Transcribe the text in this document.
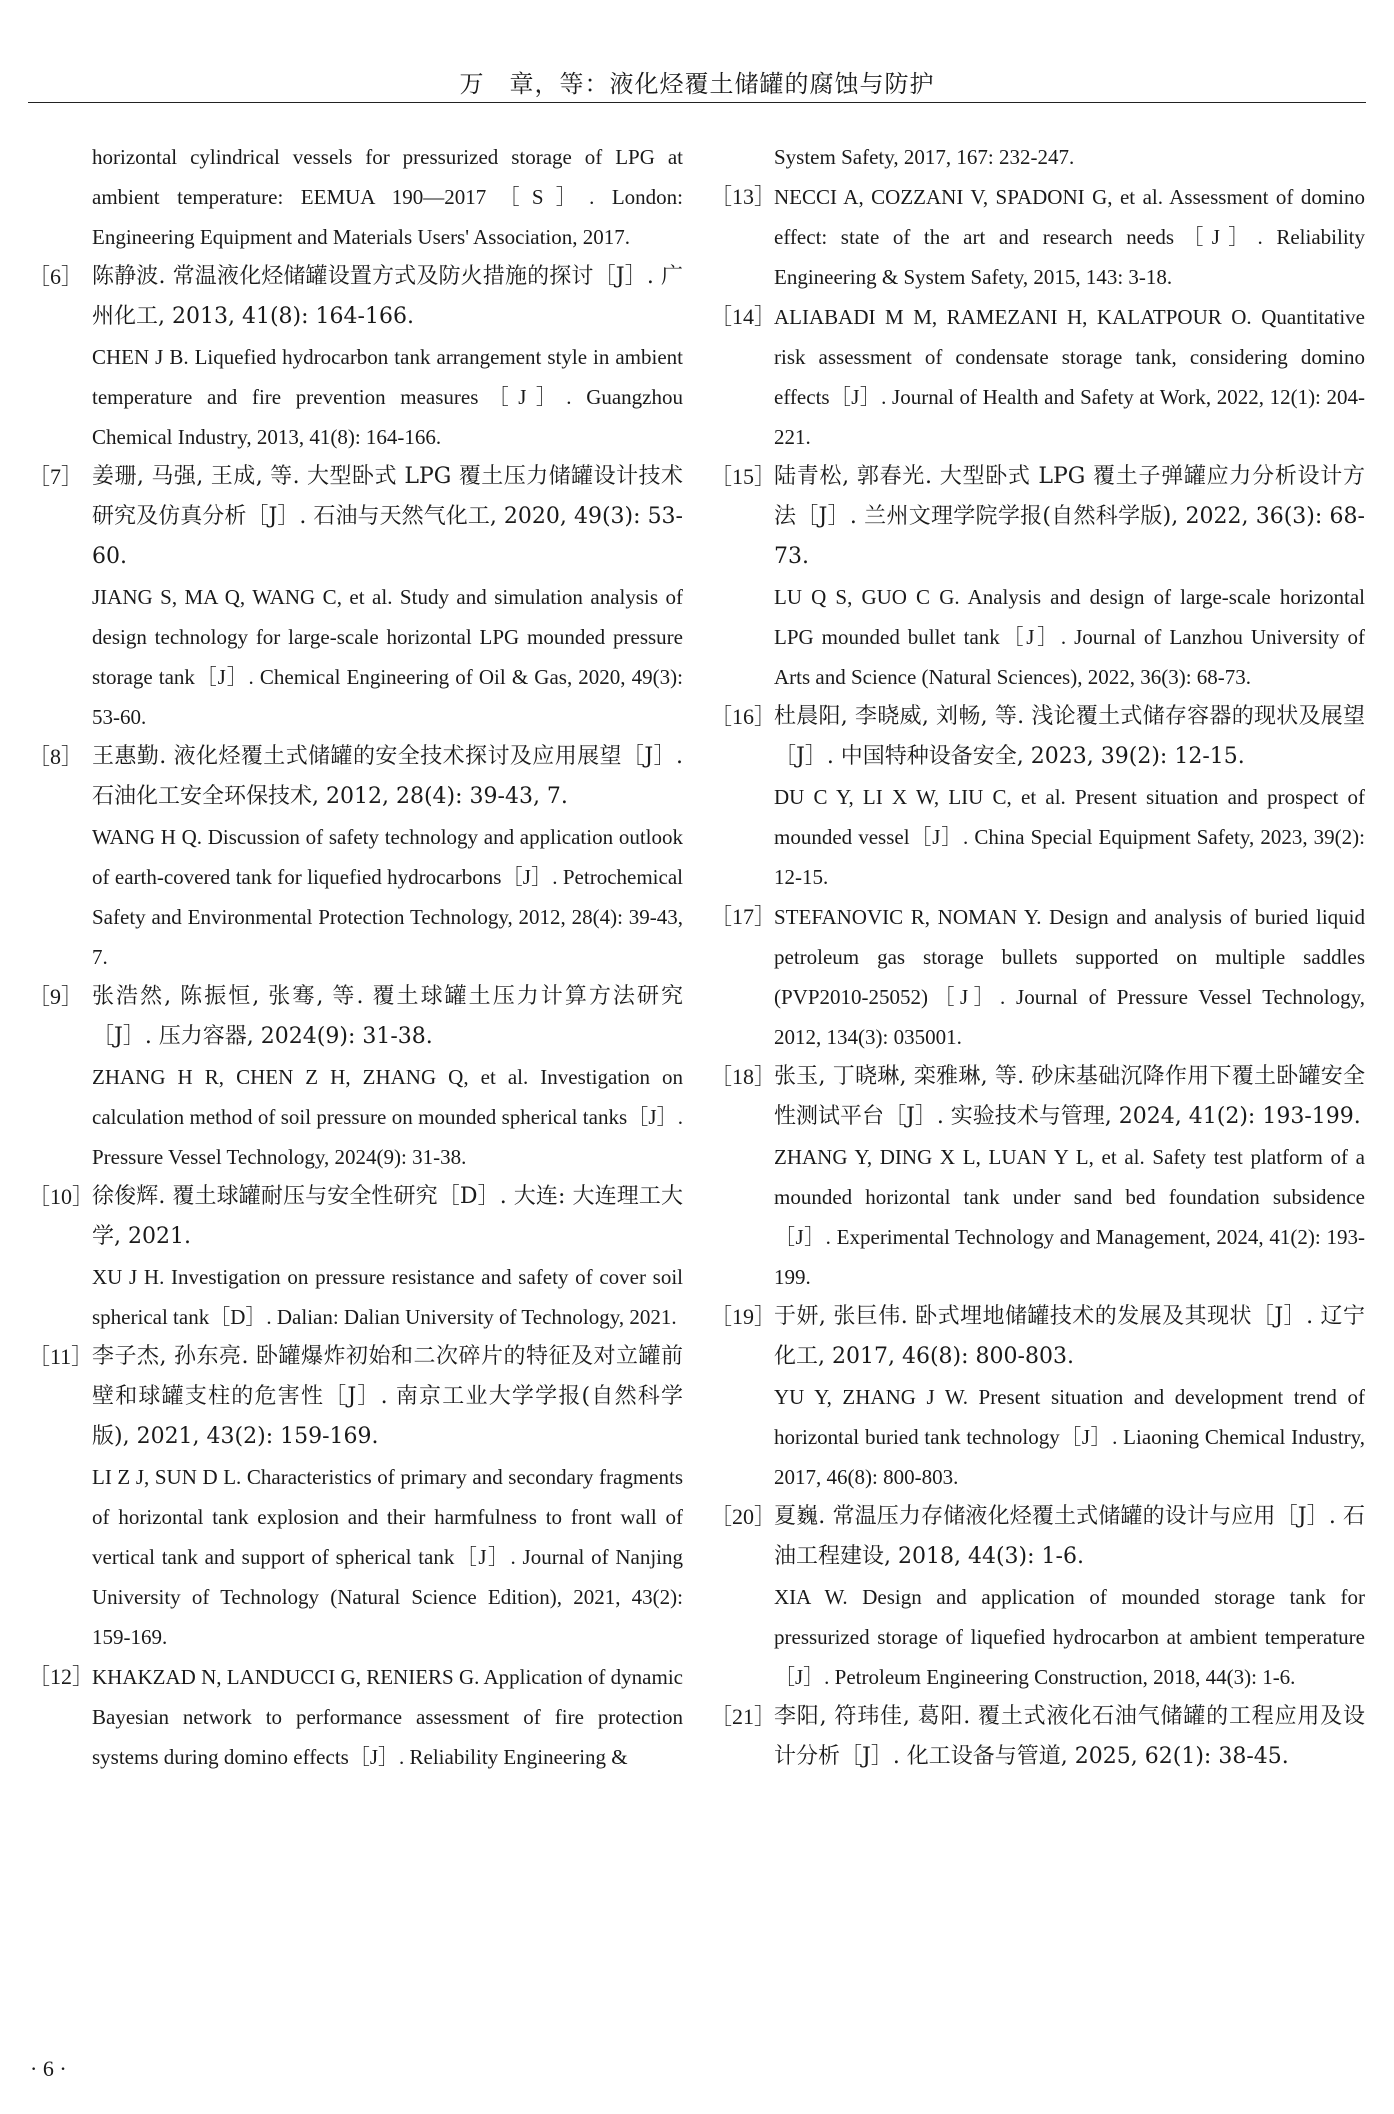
万　章，等：液化烃覆土储罐的腐蚀与防护

horizontal cylindrical vessels for pressurized storage of LPG at ambient temperature: EEMUA 190—2017［S］. London: Engineering Equipment and Materials Users' Association, 2017.

［6］ 陈静波. 常温液化烃储罐设置方式及防火措施的探讨［J］. 广州化工, 2013, 41(8): 164-166.

CHEN J B. Liquefied hydrocarbon tank arrangement style in ambient temperature and fire prevention measures［J］. Guangzhou Chemical Industry, 2013, 41(8): 164-166.

［7］ 姜珊, 马强, 王成, 等. 大型卧式 LPG 覆土压力储罐设计技术研究及仿真分析［J］. 石油与天然气化工, 2020, 49(3): 53-60.

JIANG S, MA Q, WANG C, et al. Study and simulation analysis of design technology for large-scale horizontal LPG mounded pressure storage tank［J］. Chemical Engineering of Oil & Gas, 2020, 49(3): 53-60.

［8］ 王惠勤. 液化烃覆土式储罐的安全技术探讨及应用展望［J］. 石油化工安全环保技术, 2012, 28(4): 39-43, 7.

WANG H Q. Discussion of safety technology and application outlook of earth-covered tank for liquefied hydrocarbons［J］. Petrochemical Safety and Environmental Protection Technology, 2012, 28(4): 39-43, 7.

［9］ 张浩然, 陈振恒, 张骞, 等. 覆土球罐土压力计算方法研究［J］. 压力容器, 2024(9): 31-38.

ZHANG H R, CHEN Z H, ZHANG Q, et al. Investigation on calculation method of soil pressure on mounded spherical tanks［J］. Pressure Vessel Technology, 2024(9): 31-38.

［10］

徐俊辉. 覆土球罐耐压与安全性研究［D］. 大连: 大连理工大学, 2021.

XU J H. Investigation on pressure resistance and safety of cover soil spherical tank［D］. Dalian: Dalian University of Technology, 2021.

［11］

李子杰, 孙东亮. 卧罐爆炸初始和二次碎片的特征及对立罐前壁和球罐支柱的危害性［J］. 南京工业大学学报(自然科学版), 2021, 43(2): 159-169.

LI Z J, SUN D L. Characteristics of primary and secondary fragments of horizontal tank explosion and their harmfulness to front wall of vertical tank and support of spherical tank［J］. Journal of Nanjing University of Technology (Natural Science Edition), 2021, 43(2): 159-169.

［12］

KHAKZAD N, LANDUCCI G, RENIERS G. Application of dynamic Bayesian network to performance assessment of fire protection systems during domino effects［J］. Reliability Engineering &

System Safety, 2017, 167: 232-247.

［13］

NECCI A, COZZANI V, SPADONI G, et al. Assessment of domino effect: state of the art and research needs［J］. Reliability Engineering & System Safety, 2015, 143: 3-18.

［14］

ALIABADI M M, RAMEZANI H, KALATPOUR O. Quantitative risk assessment of condensate storage tank, considering domino effects［J］. Journal of Health and Safety at Work, 2022, 12(1): 204-221.

［15］

陆青松, 郭春光. 大型卧式 LPG 覆土子弹罐应力分析设计方法［J］. 兰州文理学院学报(自然科学版), 2022, 36(3): 68-73.

LU Q S, GUO C G. Analysis and design of large-scale horizontal LPG mounded bullet tank［J］. Journal of Lanzhou University of Arts and Science (Natural Sciences), 2022, 36(3): 68-73.

［16］

杜晨阳, 李晓威, 刘畅, 等. 浅论覆土式储存容器的现状及展望［J］. 中国特种设备安全, 2023, 39(2): 12-15.

DU C Y, LI X W, LIU C, et al. Present situation and prospect of mounded vessel［J］. China Special Equipment Safety, 2023, 39(2): 12-15.

［17］

STEFANOVIC R, NOMAN Y. Design and analysis of buried liquid petroleum gas storage bullets supported on multiple saddles (PVP2010-25052)［J］. Journal of Pressure Vessel Technology, 2012, 134(3): 035001.

［18］

张玉, 丁晓琳, 栾雅琳, 等. 砂床基础沉降作用下覆土卧罐安全性测试平台［J］. 实验技术与管理, 2024, 41(2): 193-199.

ZHANG Y, DING X L, LUAN Y L, et al. Safety test platform of a mounded horizontal tank under sand bed foundation subsidence［J］. Experimental Technology and Management, 2024, 41(2): 193-199.

［19］

于妍, 张巨伟. 卧式埋地储罐技术的发展及其现状［J］. 辽宁化工, 2017, 46(8): 800-803.

YU Y, ZHANG J W. Present situation and development trend of horizontal buried tank technology［J］. Liaoning Chemical Industry, 2017, 46(8): 800-803.

［20］

夏巍. 常温压力存储液化烃覆土式储罐的设计与应用［J］. 石油工程建设, 2018, 44(3): 1-6.

XIA W. Design and application of mounded storage tank for pressurized storage of liquefied hydrocarbon at ambient temperature［J］. Petroleum Engineering Construction, 2018, 44(3): 1-6.

［21］

李阳, 符玮佳, 葛阳. 覆土式液化石油气储罐的工程应用及设计分析［J］. 化工设备与管道, 2025, 62(1): 38-45.

· 6 ·
